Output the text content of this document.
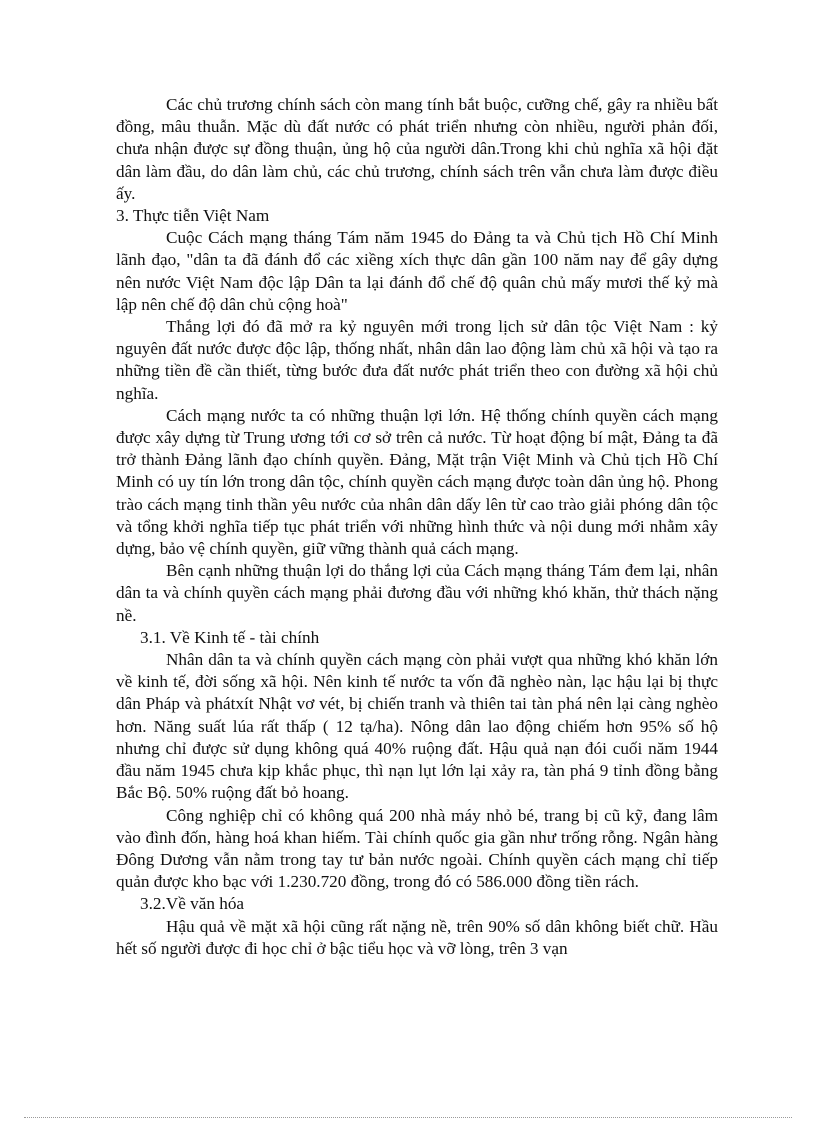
Các chủ trương chính sách còn mang tính bắt buộc, cưỡng chế, gây ra nhiều bất đồng, mâu thuẫn. Mặc dù đất nước có phát triển nhưng còn nhiều, người phản đối, chưa nhận được sự đồng thuận, ủng hộ của người dân.Trong khi chủ nghĩa xã hội đặt dân làm đầu, do dân làm chủ, các chủ trương, chính sách trên vẫn chưa làm được điều ấy.

3. Thực tiễn Việt Nam

Cuộc Cách mạng tháng Tám năm 1945 do Đảng ta và Chủ tịch Hồ Chí Minh lãnh đạo, "dân ta đã đánh đổ các xiềng xích thực dân gần 100 năm nay để gây dựng nên nước Việt Nam độc lập Dân ta lại đánh đổ chế độ quân chủ mấy mươi thế kỷ mà lập nên chế độ dân chủ cộng hoà"

Thắng lợi đó đã mở ra kỷ nguyên mới trong lịch sử dân tộc Việt Nam : kỷ nguyên đất nước được độc lập, thống nhất, nhân dân lao động làm chủ xã hội và tạo ra những tiền đề cần thiết, từng bước đưa đất nước phát triển theo con đường xã hội chủ nghĩa.

Cách mạng nước ta có những thuận lợi lớn. Hệ thống chính quyền cách mạng được xây dựng từ Trung ương tới cơ sở trên cả nước. Từ hoạt động bí mật, Đảng ta đã trở thành Đảng lãnh đạo chính quyền. Đảng, Mặt trận Việt Minh và Chủ tịch Hồ Chí Minh có uy tín lớn trong dân tộc, chính quyền cách mạng được toàn dân ủng hộ. Phong trào cách mạng tinh thần yêu nước của nhân dân dấy lên từ cao trào giải phóng dân tộc và tổng khởi nghĩa tiếp tục phát triển với những hình thức và nội dung mới nhằm xây dựng, bảo vệ chính quyền, giữ vững thành quả cách mạng.

Bên cạnh những thuận lợi do thắng lợi của Cách mạng tháng Tám đem lại, nhân dân ta và chính quyền cách mạng phải đương đầu với những khó khăn, thử thách nặng nề.

3.1. Về Kinh tế - tài chính

Nhân dân ta và chính quyền cách mạng còn phải vượt qua những khó khăn lớn về kinh tế, đời sống xã hội. Nên kinh tế nước ta vốn đã nghèo nàn, lạc hậu lại bị thực dân Pháp và phátxít Nhật vơ vét, bị chiến tranh và thiên tai tàn phá nên lại càng nghèo hơn. Năng suất lúa rất thấp ( 12 tạ/ha). Nông dân lao động chiếm hơn 95% số hộ nhưng chỉ được sử dụng không quá 40% ruộng đất. Hậu quả nạn đói cuối năm 1944 đầu năm 1945 chưa kịp khắc phục, thì nạn lụt lớn lại xảy ra, tàn phá 9 tỉnh đồng bằng Bắc Bộ. 50% ruộng đất bỏ hoang.

Công nghiệp chỉ có không quá 200 nhà máy nhỏ bé, trang bị cũ kỹ, đang lâm vào đình đốn, hàng hoá khan hiếm. Tài chính quốc gia gần như trống rỗng. Ngân hàng Đông Dương vẫn nằm trong tay tư bản nước ngoài. Chính quyền cách mạng chỉ tiếp quản được kho bạc với 1.230.720 đồng, trong đó có 586.000 đồng tiền rách.

3.2.Về văn hóa

Hậu quả về mặt xã hội cũng rất nặng nề, trên 90% số dân không biết chữ. Hầu hết số người được đi học chỉ ở bậc tiểu học và vỡ lòng, trên 3 vạn
